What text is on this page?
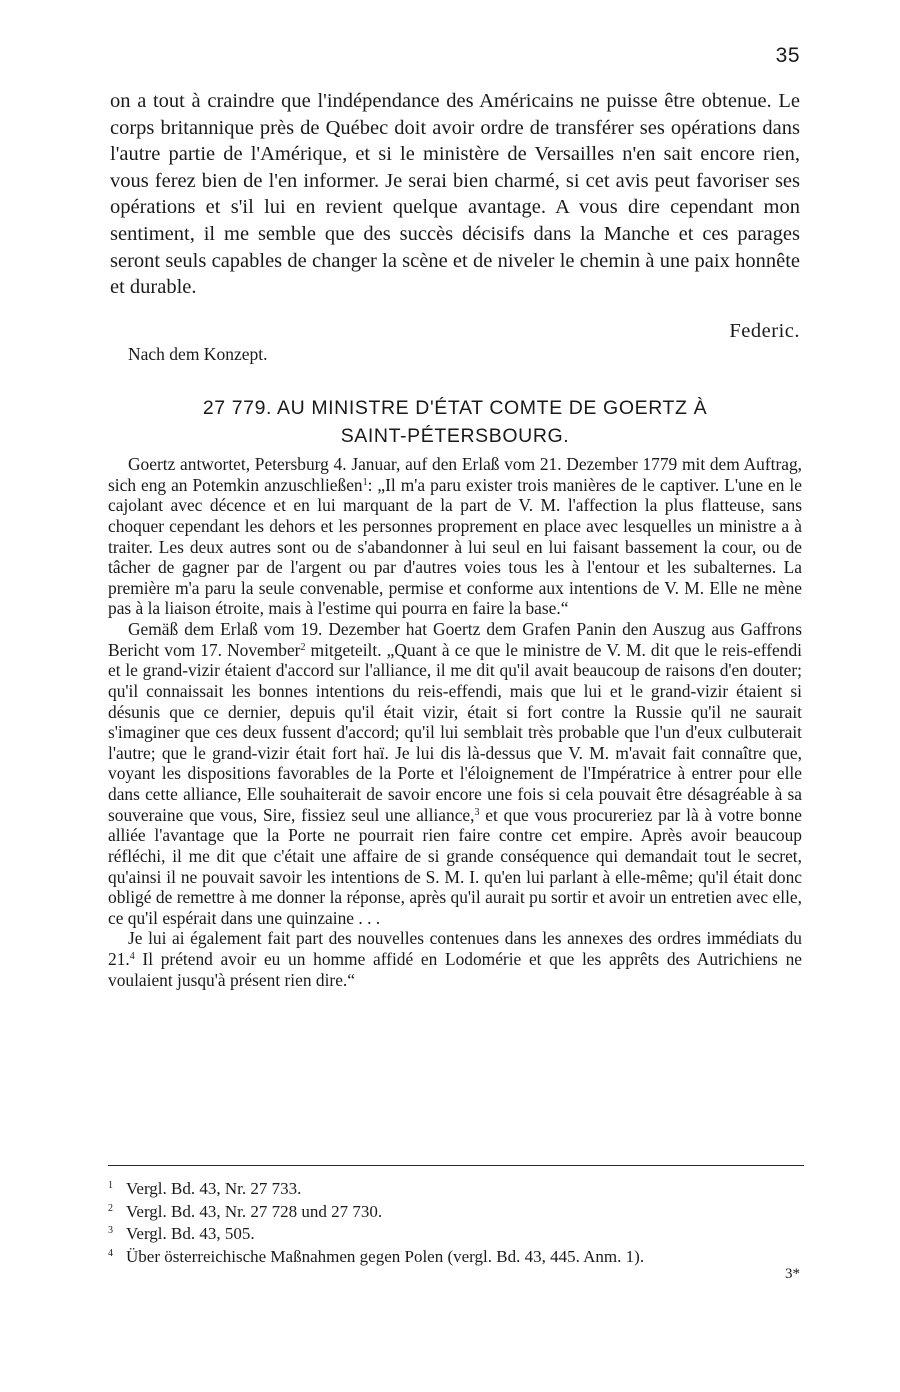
35

on a tout à craindre que l'indépendance des Américains ne puisse être obtenue. Le corps britannique près de Québec doit avoir ordre de transférer ses opérations dans l'autre partie de l'Amérique, et si le ministère de Versailles n'en sait encore rien, vous ferez bien de l'en informer. Je serai bien charmé, si cet avis peut favoriser ses opérations et s'il lui en revient quelque avantage. A vous dire cependant mon sentiment, il me semble que des succès décisifs dans la Manche et ces parages seront seuls capables de changer la scène et de niveler le chemin à une paix honnête et durable.

Federic.
Nach dem Konzept.
27 779. AU MINISTRE D'ÉTAT COMTE DE GOERTZ À
SAINT-PÉTERSBOURG.

Goertz antwortet, Petersburg 4. Januar, auf den Erlaß vom 21. Dezember 1779 mit dem Auftrag, sich eng an Potemkin anzuschließen$^1$: „Il m'a paru exister trois manières de le captiver. L'une en le cajolant avec décence et en lui marquant de la part de V. M. l'affection la plus flatteuse, sans choquer cependant les dehors et les personnes proprement en place avec lesquelles un ministre a à traiter. Les deux autres sont ou de s'abandonner à lui seul en lui faisant bassement la cour, ou de tâcher de gagner par de l'argent ou par d'autres voies tous les à l'entour et les subalternes. La première m'a paru la seule convenable, permise et conforme aux intentions de V. M. Elle ne mène pas à la liaison étroite, mais à l'estime qui pourra en faire la base.“

Gemäß dem Erlaß vom 19. Dezember hat Goertz dem Grafen Panin den Auszug aus Gaffrons Bericht vom 17. November$^2$ mitgeteilt. „Quant à ce que le ministre de V. M. dit que le reis-effendi et le grand-vizir étaient d'accord sur l'alliance, il me dit qu'il avait beaucoup de raisons d'en douter; qu'il connaissait les bonnes intentions du reis-effendi, mais que lui et le grand-vizir étaient si désunis que ce dernier, depuis qu'il était vizir, était si fort contre la Russie qu'il ne saurait s'imaginer que ces deux fussent d'accord; qu'il lui semblait très probable que l'un d'eux culbuterait l'autre; que le grand-vizir était fort haï. Je lui dis là-dessus que V. M. m'avait fait connaître que, voyant les dispositions favorables de la Porte et l'éloignement de l'Impératrice à entrer pour elle dans cette alliance, Elle souhaiterait de savoir encore une fois si cela pouvait être désagréable à sa souveraine que vous, Sire, fissiez seul une alliance,$^3$ et que vous procureriez par là à votre bonne alliée l'avantage que la Porte ne pourrait rien faire contre cet empire. Après avoir beaucoup réfléchi, il me dit que c'était une affaire de si grande conséquence qui demandait tout le secret, qu'ainsi il ne pouvait savoir les intentions de S. M. I. qu'en lui parlant à elle-même; qu'il était donc obligé de remettre à me donner la réponse, après qu'il aurait pu sortir et avoir un entretien avec elle, ce qu'il espérait dans une quinzaine . . .

Je lui ai également fait part des nouvelles contenues dans les annexes des ordres immédiats du 21.$^4$ Il prétend avoir eu un homme affidé en Lodomérie et que les apprêts des Autrichiens ne voulaient jusqu'à présent rien dire.“

1 Vergl. Bd. 43, Nr. 27 733.
2 Vergl. Bd. 43, Nr. 27 728 und 27 730.
3 Vergl. Bd. 43, 505.
4 Über österreichische Maßnahmen gegen Polen (vergl. Bd. 43, 445. Anm. 1).
3*
